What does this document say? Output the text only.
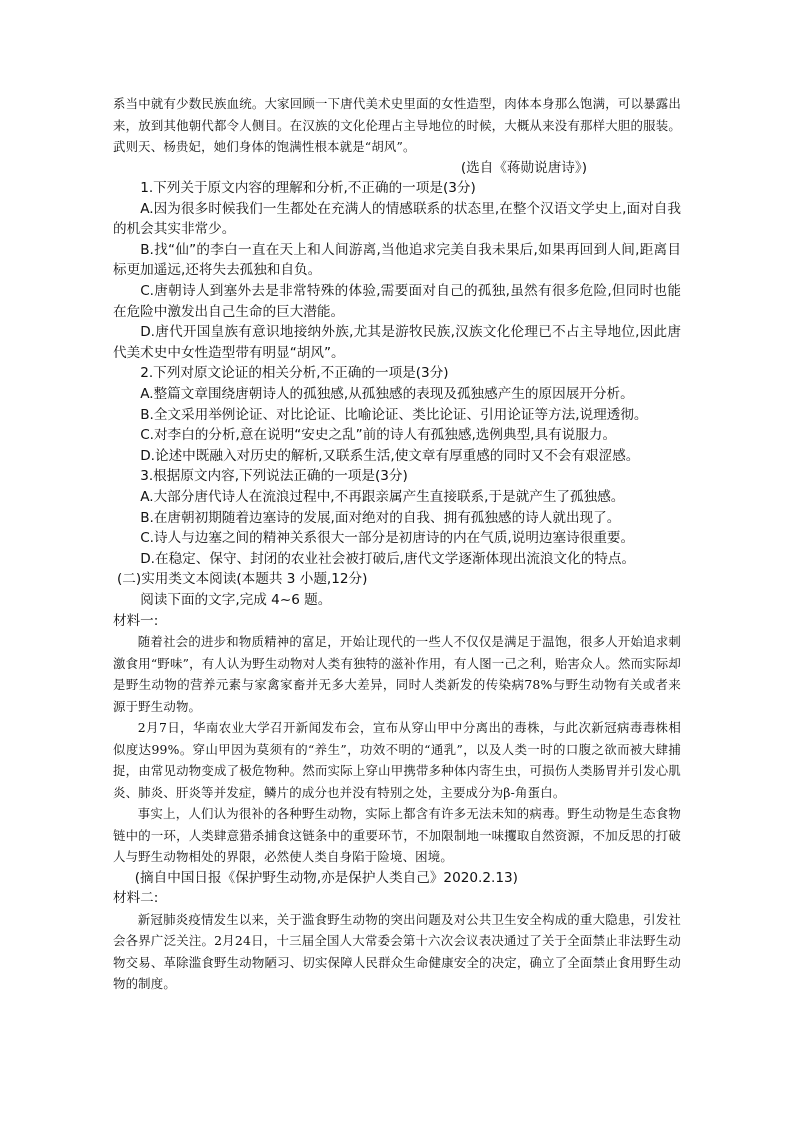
系当中就有少数民族血统。大家回顾一下唐代美术史里面的女性造型，肉体本身那么饱满，可以暴露出来，放到其他朝代都令人侧目。在汉族的文化伦理占主导地位的时候，大概从来没有那样大胆的服装。武则天、杨贵妃，她们身体的饱满性根本就是“胡风”。

(选自《蒋勋说唐诗》)

1.下列关于原文内容的理解和分析,不正确的一项是(3分)

A.因为很多时候我们一生都处在充满人的情感联系的状态里,在整个汉语文学史上,面对自我的机会其实非常少。

B.找“仙”的李白一直在天上和人间游离,当他追求完美自我未果后,如果再回到人间,距离目标更加遥远,还将失去孤独和自负。

C.唐朝诗人到塞外去是非常特殊的体验,需要面对自己的孤独,虽然有很多危险,但同时也能在危险中激发出自己生命的巨大潜能。

D.唐代开国皇族有意识地接纳外族,尤其是游牧民族,汉族文化伦理已不占主导地位,因此唐代美术史中女性造型带有明显“胡风”。

2.下列对原文论证的相关分析,不正确的一项是(3分)

A.整篇文章围绕唐朝诗人的孤独感,从孤独感的表现及孤独感产生的原因展开分析。

B.全文采用举例论证、对比论证、比喻论证、类比论证、引用论证等方法,说理透彻。

C.对李白的分析,意在说明“安史之乱”前的诗人有孤独感,选例典型,具有说服力。

D.论述中既融入对历史的解析,又联系生活,使文章有厚重感的同时又不会有艰涩感。

3.根据原文内容,下列说法正确的一项是(3分)

A.大部分唐代诗人在流浪过程中,不再跟亲属产生直接联系,于是就产生了孤独感。

B.在唐朝初期随着边塞诗的发展,面对绝对的自我、拥有孤独感的诗人就出现了。

C.诗人与边塞之间的精神关系很大一部分是初唐诗的内在气质,说明边塞诗很重要。

D.在稳定、保守、封闭的农业社会被打破后,唐代文学逐渐体现出流浪文化的特点。

(二)实用类文本阅读(本题共 3 小题,12分)

阅读下面的文字,完成 4~6 题。

材料一:

随着社会的进步和物质精神的富足，开始让现代的一些人不仅仅是满足于温饱，很多人开始追求刺激食用“野味”，有人认为野生动物对人类有独特的滋补作用，有人图一己之利，贻害众人。然而实际却是野生动物的营养元素与家禽家畜并无多大差异，同时人类新发的传染病78%与野生动物有关或者来源于野生动物。

2月7日，华南农业大学召开新闻发布会，宣布从穿山甲中分离出的毒株，与此次新冠病毒毒株相似度达99%。穿山甲因为莫须有的“养生”，功效不明的“通乳”，以及人类一时的口腹之欲而被大肆捕捉，由常见动物变成了极危物种。然而实际上穿山甲携带多种体内寄生虫，可损伤人类肠胃并引发心肌炎、肺炎、肝炎等并发症，鳞片的成分也并没有特别之处，主要成分为β-角蛋白。

事实上，人们认为很补的各种野生动物，实际上都含有许多无法未知的病毒。野生动物是生态食物链中的一环，人类肆意猎杀捕食这链条中的重要环节，不加限制地一味攫取自然资源，不加反思的打破人与野生动物相处的界限，必然使人类自身陷于险境、困境。

(摘自中国日报《保护野生动物,亦是保护人类自己》2020.2.13)

材料二:

新冠肺炎疫情发生以来，关于滥食野生动物的突出问题及对公共卫生安全构成的重大隐患，引发社会各界广泛关注。2月24日，十三届全国人大常委会第十六次会议表决通过了关于全面禁止非法野生动物交易、革除滥食野生动物陋习、切实保障人民群众生命健康安全的决定，确立了全面禁止食用野生动物的制度。
